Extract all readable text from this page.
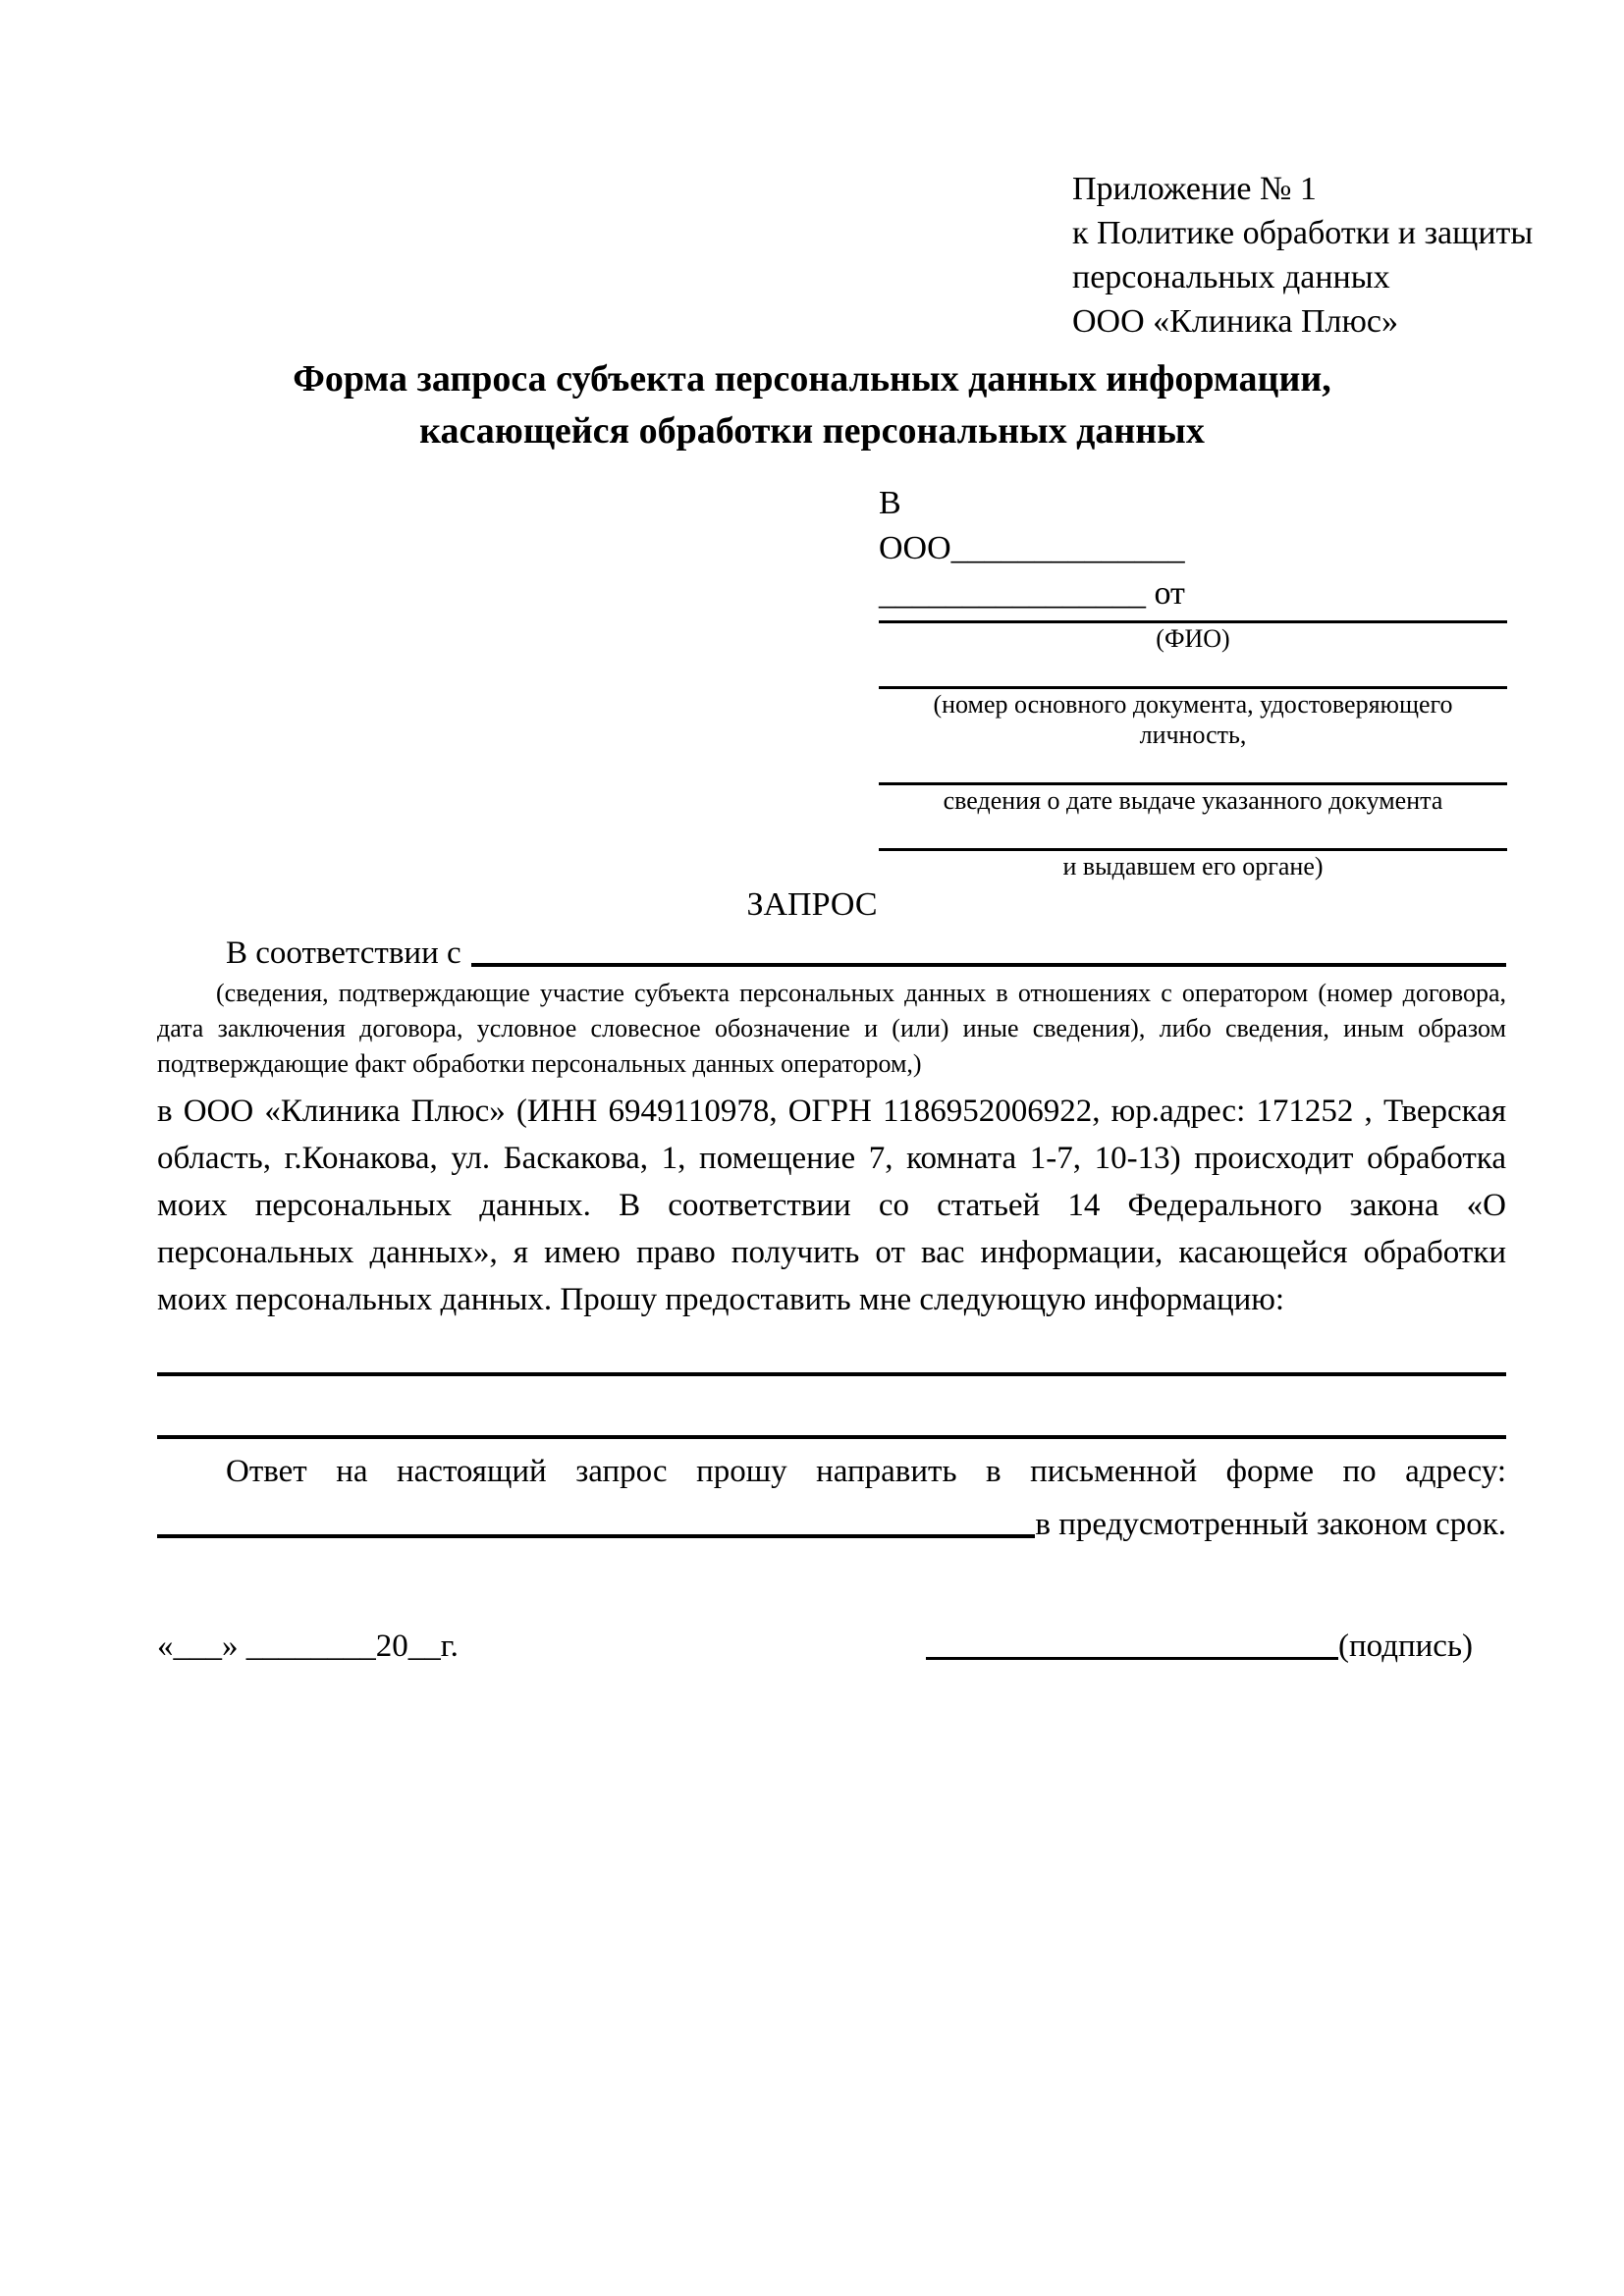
Приложение № 1
к Политике обработки и защиты
персональных данных
ООО «Клиника Плюс»
Форма запроса субъекта персональных данных информации,
касающейся обработки персональных данных
В
ООО______________
________________ от
(ФИО)
(номер основного документа, удостоверяющего личность,
сведения о дате выдаче указанного документа
и выдавшем его органе)
ЗАПРОС
В соответствии с
(сведения, подтверждающие участие субъекта персональных данных в отношениях с оператором (номер договора, дата заключения договора, условное словесное обозначение и (или) иные сведения), либо сведения, иным образом подтверждающие факт обработки персональных данных оператором,)
в ООО «Клиника Плюс» (ИНН 6949110978, ОГРН 1186952006922, юр.адрес: 171252 , Тверская область, г.Конакова, ул. Баскакова, 1, помещение 7, комната 1-7, 10-13) происходит обработка моих персональных данных. В соответствии со статьей 14 Федерального закона «О персональных данных», я имею право получить от вас информации, касающейся обработки моих персональных данных. Прошу предоставить мне следующую информацию:
Ответ на настоящий запрос прошу направить в письменной форме по адресу:
в предусмотренный законом срок.
«___» ________20__г.	(подпись)
